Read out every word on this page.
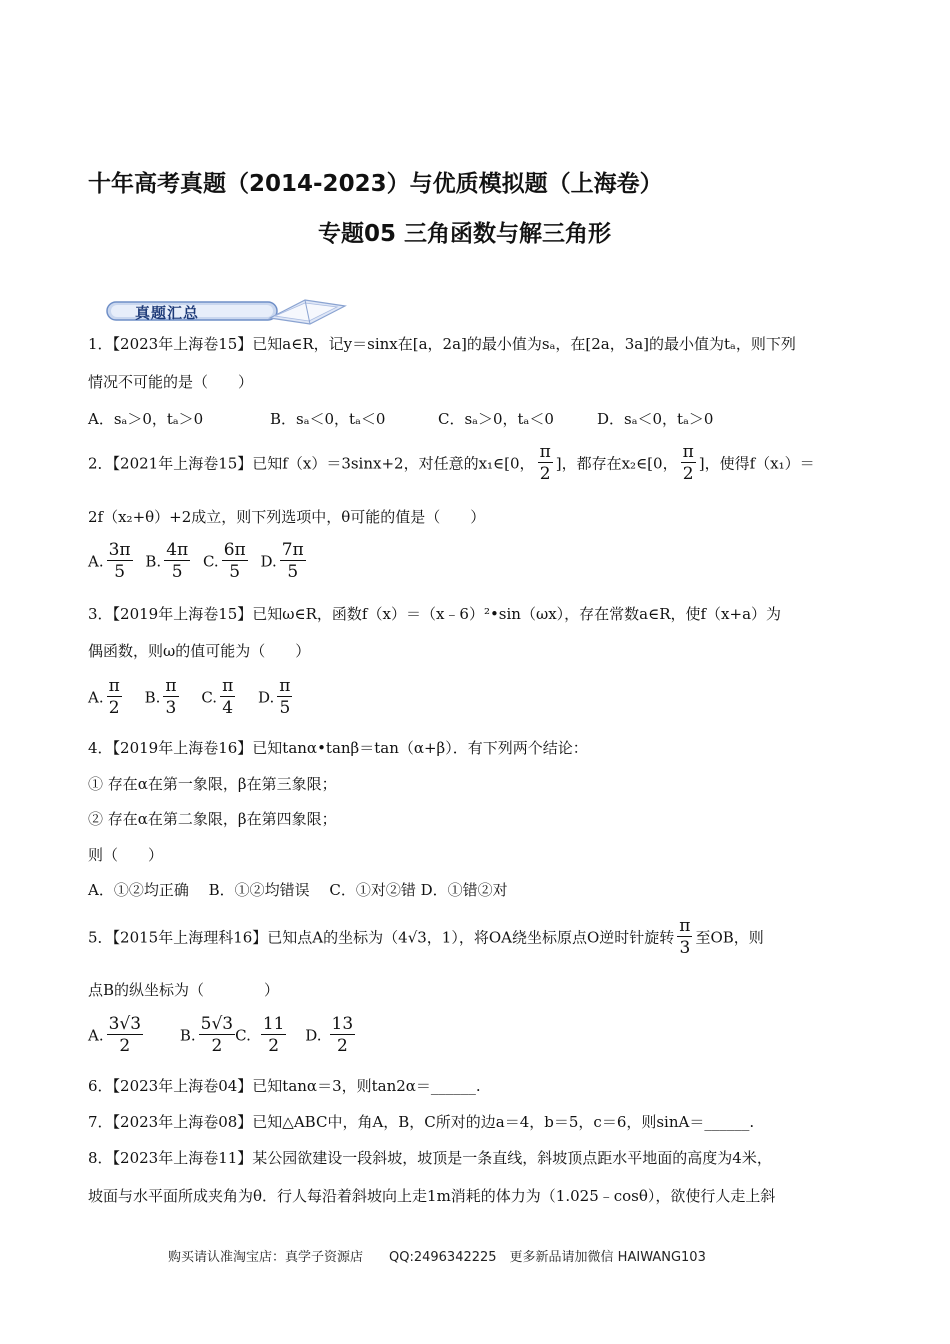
十年高考真题（2014-2023）与优质模拟题（上海卷）
专题05 三角函数与解三角形
真题汇总
1．【2023年上海卷15】已知a∈R，记y＝sinx在[a，2a]的最小值为sₐ，在[2a，3a]的最小值为tₐ，则下列
情况不可能的是（　　）
A．sₐ＞0，tₐ＞0	B．sₐ＜0，tₐ＜0	C．sₐ＞0，tₐ＜0	D．sₐ＜0，tₐ＞0
2．【2021年上海卷15】已知f（x）＝3sinx+2，对任意的x₁∈[0， $\frac{\pi}{2}$ ]，都存在x₂∈[0， $\frac{\pi}{2}$ ]，使得f（x₁）＝
2f（x₂+θ）+2成立，则下列选项中，θ可能的值是（　　）
A. $\frac{3\pi}{5} B$. $\frac{4\pi}{5} C$. $\frac{6\pi}{5} D$. $\frac{7\pi}{5}$
3．【2019年上海卷15】已知ω∈R，函数f（x）＝（x﹣6）²•sin（ωx），存在常数a∈R，使f（x+a）为
偶函数，则ω的值可能为（　　）
A. $\frac{\pi}{2} B$. $\frac{\pi}{3} C$. $\frac{\pi}{4} D$. $\frac{\pi}{5}$
4．【2019年上海卷16】已知tanα•tanβ＝tan（α+β）．有下列两个结论：
① 存在α在第一象限，β在第三象限；
② 存在α在第二象限，β在第四象限；
则（　　）
A．①②均正确　 B．①②均错误　 C．①对②错 D．①错②对
5．【2015年上海理科16】已知点A的坐标为（4√3，1），将OA绕坐标原点O逆时针旋转 $\frac{\pi}{3}$ 至OB，则
点B的纵坐标为（　　　　）
A. $\frac{3√3}{2} B$. $\frac{5√3}{2} C$. $\frac{11}{2} D$. $\frac{13}{2}$
6．【2023年上海卷04】已知tanα＝3，则tan2α＝______.
7．【2023年上海卷08】已知△ABC中，角A，B，C所对的边a＝4，b＝5，c＝6，则sinA＝______.
8．【2023年上海卷11】某公园欲建设一段斜坡，坡顶是一条直线，斜坡顶点距水平地面的高度为4米，
坡面与水平面所成夹角为θ．行人每沿着斜坡向上走1m消耗的体力为（1.025﹣cosθ），欲使行人走上斜
购买请认准淘宝店：真学子资源店　　QQ:2496342225　更多新品请加微信 HAIWANG103
